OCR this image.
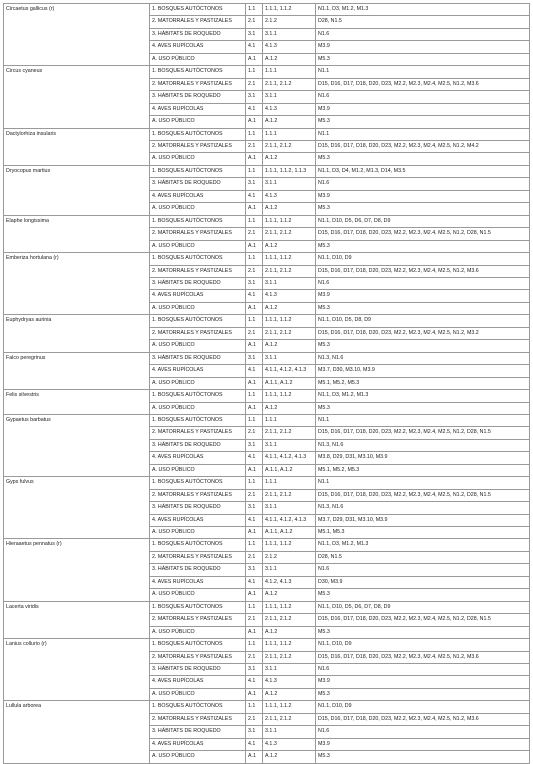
Circaetus gallicus (r)	1. BOSQUES AUTÓCTONOS	1.1	1.1.1, 1.1.2	N1.1, D3, M1.2, M1.3
	2. MATORRALES Y PASTIZALES	2.1	2.1.2	D28, N1.5
	3. HÁBITATS DE ROQUEDO	3.1	3.1.1	N1.6
	4. AVES RUPÍCOLAS	4.1	4.1.3	M3.9
	A. USO PÚBLICO	A.1	A.1.2	M5.3
Circus cyaneus	1. BOSQUES AUTÓCTONOS	1.1	1.1.1	N1.1
	2. MATORRALES Y PASTIZALES	2.1	2.1.1, 2.1.2	D15, D16, D17, D18, D20, D23, M2.2, M2.3, M2.4, M2.5, N1.2, M3.6
	3. HÁBITATS DE ROQUEDO	3.1	3.1.1	N1.6
	4. AVES RUPÍCOLAS	4.1	4.1.3	M3.9
	A. USO PÚBLICO	A.1	A.1.2	M5.3
Dactylorhiza insularis	1. BOSQUES AUTÓCTONOS	1.1	1.1.1	N1.1
	2. MATORRALES Y PASTIZALES	2.1	2.1.1, 2.1.2	D15, D16, D17, D18, D20, D23, M2.2, M2.3, M2.4, M2.5, N1.2, M4.2
	A. USO PÚBLICO	A.1	A.1.2	M5.3
Dryocopus martius	1. BOSQUES AUTÓCTONOS	1.1	1.1.1, 1.1.2, 1.1.3	N1.1, D3, D4, M1.2, M1.3, D14, M3.5
	3. HÁBITATS DE ROQUEDO	3.1	3.1.1	N1.6
	4. AVES RUPÍCOLAS	4.1	4.1.3	M3.9
	A. USO PÚBLICO	A.1	A.1.2	M5.3
Elaphe longissima	1. BOSQUES AUTÓCTONOS	1.1	1.1.1, 1.1.2	N1.1, D10, D5, D6, D7, D8, D9
	2. MATORRALES Y PASTIZALES	2.1	2.1.1, 2.1.2	D15, D16, D17, D18, D20, D23, M2.2, M2.3, M2.4, M2.5, N1.2, D28, N1.5
	A. USO PÚBLICO	A.1	A.1.2	M5.3
Emberiza hortulana (r)	1. BOSQUES AUTÓCTONOS	1.1	1.1.1, 1.1.2	N1.1, D10, D9
	2. MATORRALES Y PASTIZALES	2.1	2.1.1, 2.1.2	D15, D16, D17, D18, D20, D23, M2.2, M2.3, M2.4, M2.5, N1.2, M3.6
	3. HÁBITATS DE ROQUEDO	3.1	3.1.1	N1.6
	4. AVES RUPÍCOLAS	4.1	4.1.3	M3.9
	A. USO PÚBLICO	A.1	A.1.2	M5.3
Euphydryas aurinia	1. BOSQUES AUTÓCTONOS	1.1	1.1.1, 1.1.2	N1.1, D10, D5, D8, D9
	2. MATORRALES Y PASTIZALES	2.1	2.1.1, 2.1.2	D15, D16, D17, D18, D20, D23, M2.2, M2.3, M2.4, M2.5, N1.2, M3.2
	A. USO PÚBLICO	A.1	A.1.2	M5.3
Falco peregrinus	3. HÁBITATS DE ROQUEDO	3.1	3.1.1	N1.3, N1.6
	4. AVES RUPÍCOLAS	4.1	4.1.1, 4.1.2, 4.1.3	M3.7, D30, M3.10, M3.9
	A. USO PÚBLICO	A.1	A.1.1, A.1.2	M5.1, M5.2, M5.3
Felis silvestris	1. BOSQUES AUTÓCTONOS	1.1	1.1.1, 1.1.2	N1.1, D3, M1.2, M1.3
	A. USO PÚBLICO	A.1	A.1.2	M5.3
Gypaetus barbatus	1. BOSQUES AUTÓCTONOS	1.1	1.1.1	N1.1
	2. MATORRALES Y PASTIZALES	2.1	2.1.1, 2.1.2	D15, D16, D17, D18, D20, D23, M2.2, M2.3, M2.4, M2.5, N1.2, D28, N1.5
	3. HÁBITATS DE ROQUEDO	3.1	3.1.1	N1.3, N1.6
	4. AVES RUPÍCOLAS	4.1	4.1.1, 4.1.2, 4.1.3	M3.8, D29, D31, M3.10, M3.9
	A. USO PÚBLICO	A.1	A.1.1, A.1.2	M5.1, M5.2, M5.3
Gyps fulvus	1. BOSQUES AUTÓCTONOS	1.1	1.1.1	N1.1
	2. MATORRALES Y PASTIZALES	2.1	2.1.1, 2.1.2	D15, D16, D17, D18, D20, D23, M2.2, M2.3, M2.4, M2.5, N1.2, D28, N1.5
	3. HÁBITATS DE ROQUEDO	3.1	3.1.1	N1.3, N1.6
	4. AVES RUPÍCOLAS	4.1	4.1.1, 4.1.2, 4.1.3	M3.7, D29, D31, M3.10, M3.9
	A. USO PÚBLICO	A.1	A.1.1, A.1.2	M5.1, M5.3
Hieraaetus pennatus (r)	1. BOSQUES AUTÓCTONOS	1.1	1.1.1, 1.1.2	N1.1, D3, M1.2, M1.3
	2. MATORRALES Y PASTIZALES	2.1	2.1.2	D28, N1.5
	3. HÁBITATS DE ROQUEDO	3.1	3.1.1	N1.6
	4. AVES RUPÍCOLAS	4.1	4.1.2, 4.1.3	D30, M3.9
	A. USO PÚBLICO	A.1	A.1.2	M5.3
Lacerta viridis	1. BOSQUES AUTÓCTONOS	1.1	1.1.1, 1.1.2	N1.1, D10, D5, D6, D7, D8, D9
	2. MATORRALES Y PASTIZALES	2.1	2.1.1, 2.1.2	D15, D16, D17, D18, D20, D23, M2.2, M2.3, M2.4, M2.5, N1.2, D28, N1.5
	A. USO PÚBLICO	A.1	A.1.2	M5.3
Lanius collurio (r)	1. BOSQUES AUTÓCTONOS	1.1	1.1.1, 1.1.2	N1.1, D10, D9
	2. MATORRALES Y PASTIZALES	2.1	2.1.1, 2.1.2	D15, D16, D17, D18, D20, D23, M2.2, M2.3, M2.4, M2.5, N1.2, M3.6
	3. HÁBITATS DE ROQUEDO	3.1	3.1.1	N1.6
	4. AVES RUPÍCOLAS	4.1	4.1.3	M3.9
	A. USO PÚBLICO	A.1	A.1.2	M5.3
Lullula arborea	1. BOSQUES AUTÓCTONOS	1.1	1.1.1, 1.1.2	N1.1, D10, D9
	2. MATORRALES Y PASTIZALES	2.1	2.1.1, 2.1.2	D15, D16, D17, D18, D20, D23, M2.2, M2.3, M2.4, M2.5, N1.2, M3.6
	3. HÁBITATS DE ROQUEDO	3.1	3.1.1	N1.6
	4. AVES RUPÍCOLAS	4.1	4.1.3	M3.9
	A. USO PÚBLICO	A.1	A.1.2	M5.3
